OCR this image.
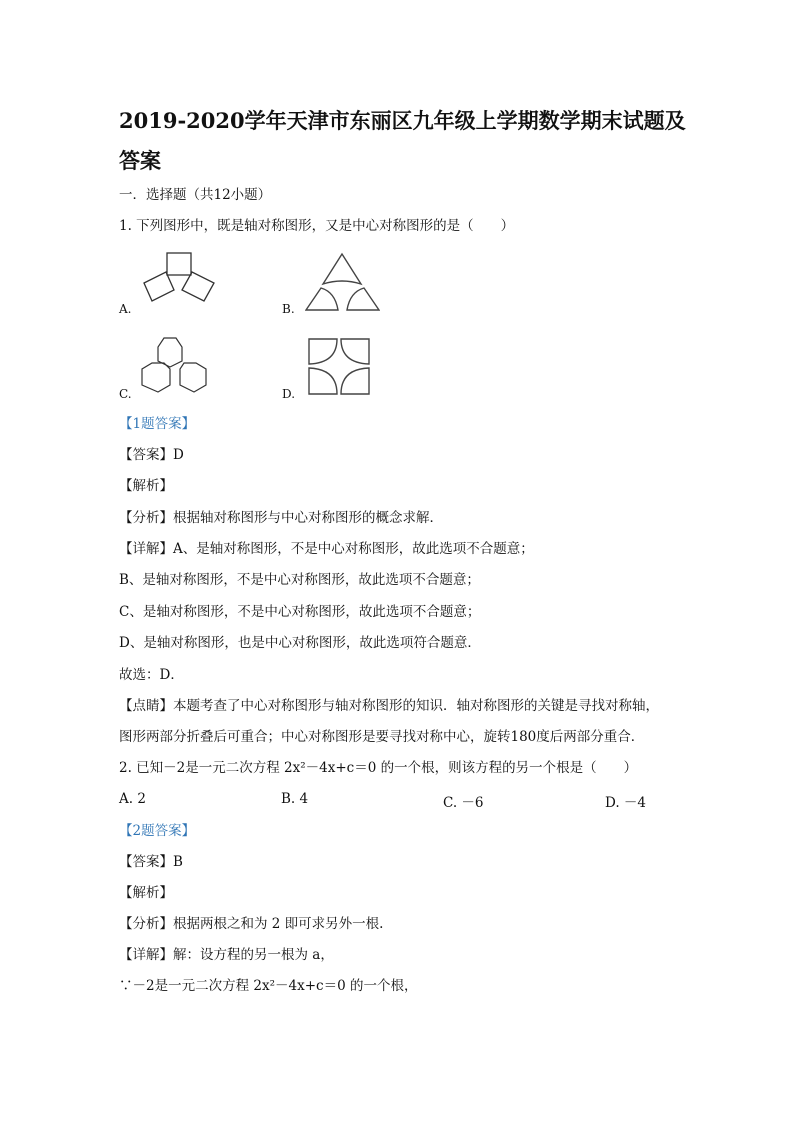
2019-2020学年天津市东丽区九年级上学期数学期末试题及
答案
一．选择题（共12小题）
1. 下列图形中，既是轴对称图形，又是中心对称图形的是（　　）
A.	B.
C.	D.
【1题答案】
【答案】D
【解析】
【分析】根据轴对称图形与中心对称图形的概念求解．
【详解】A、是轴对称图形，不是中心对称图形，故此选项不合题意；
B、是轴对称图形，不是中心对称图形，故此选项不合题意；
C、是轴对称图形，不是中心对称图形，故此选项不合题意；
D、是轴对称图形，也是中心对称图形，故此选项符合题意．
故选：D．
【点睛】本题考查了中心对称图形与轴对称图形的知识．轴对称图形的关键是寻找对称轴，
图形两部分折叠后可重合；中心对称图形是要寻找对称中心，旋转180度后两部分重合．
2. 已知－2是一元二次方程 2x²－4x+c＝0 的一个根，则该方程的另一个根是（　　）
A. 2	B. 4	C. －6	D. －4
【2题答案】
【答案】B
【解析】
【分析】根据两根之和为 2 即可求另外一根.
【详解】解：设方程的另一根为 a，
∵－2是一元二次方程 2x²－4x+c＝0 的一个根，
